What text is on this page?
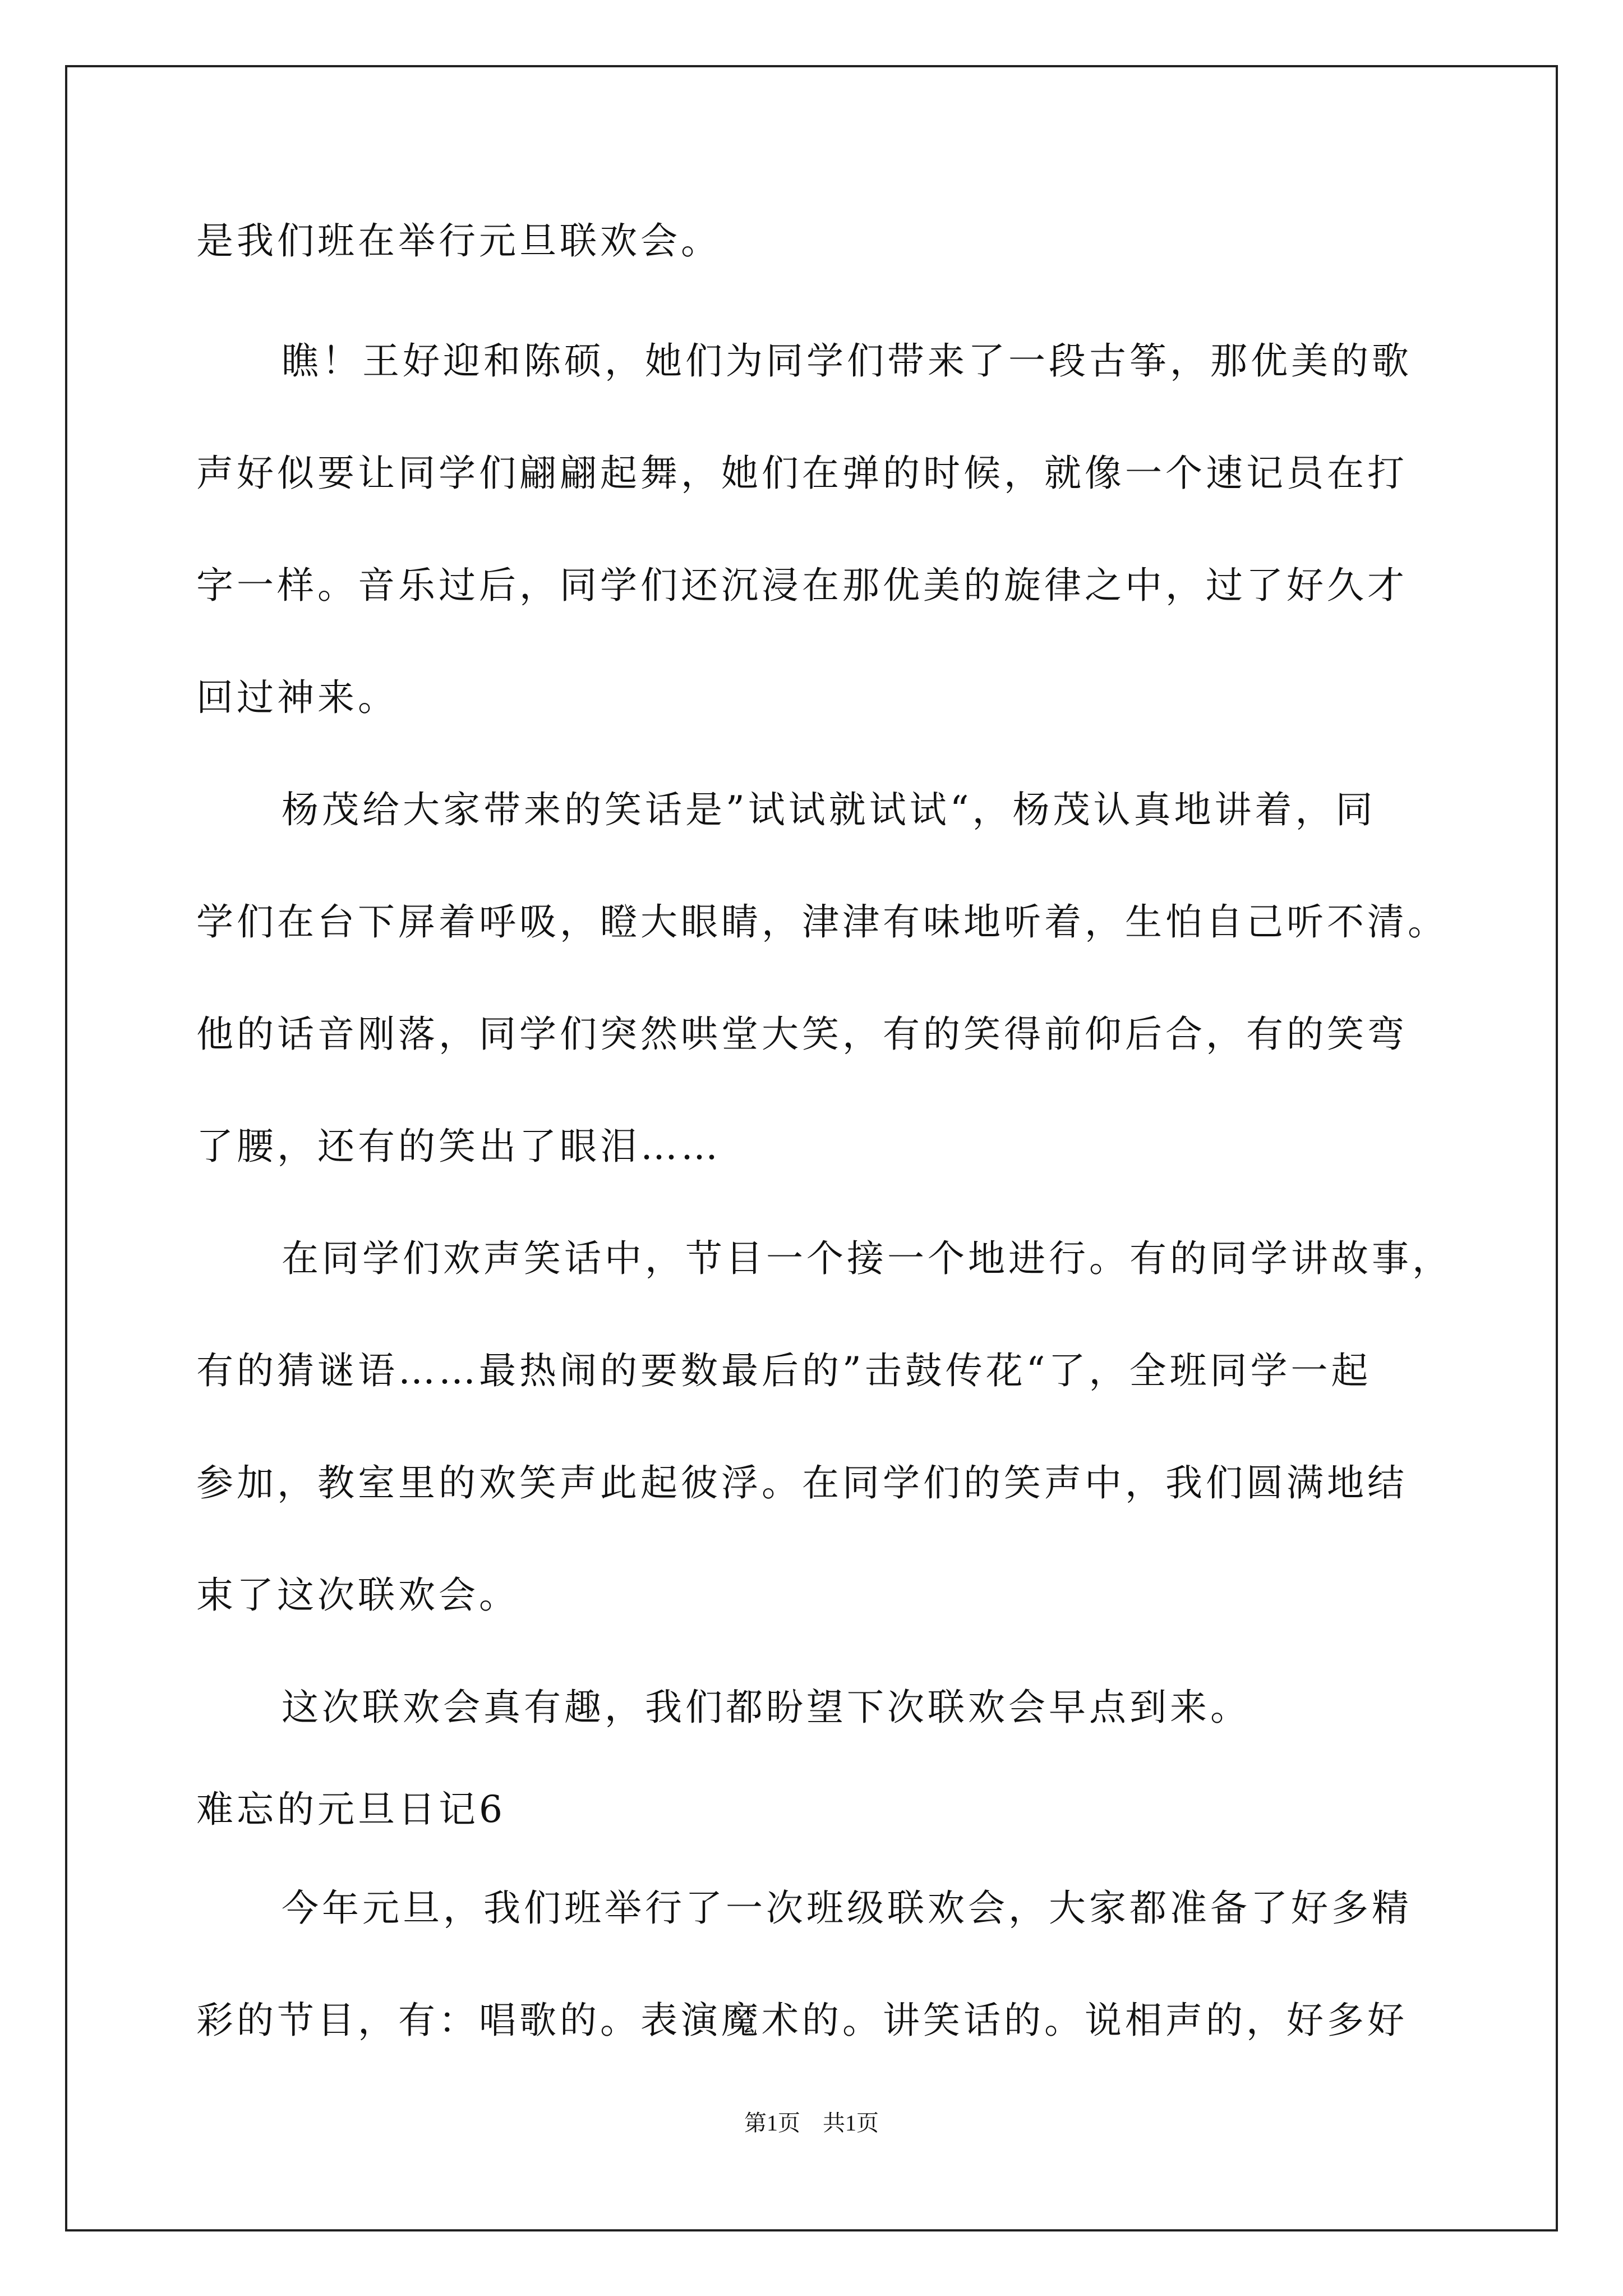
是我们班在举行元旦联欢会。
瞧！王好迎和陈硕，她们为同学们带来了一段古筝，那优美的歌
声好似要让同学们翩翩起舞，她们在弹的时候，就像一个速记员在打
字一样。音乐过后，同学们还沉浸在那优美的旋律之中，过了好久才
回过神来。
杨茂给大家带来的笑话是”试试就试试“，杨茂认真地讲着，同
学们在台下屏着呼吸，瞪大眼睛，津津有味地听着，生怕自己听不清。
他的话音刚落，同学们突然哄堂大笑，有的笑得前仰后合，有的笑弯
了腰，还有的笑出了眼泪……
在同学们欢声笑话中，节目一个接一个地进行。有的同学讲故事，
有的猜谜语……最热闹的要数最后的”击鼓传花“了，全班同学一起
参加，教室里的欢笑声此起彼浮。在同学们的笑声中，我们圆满地结
束了这次联欢会。
这次联欢会真有趣，我们都盼望下次联欢会早点到来。
难忘的元旦日记6
今年元旦，我们班举行了一次班级联欢会，大家都准备了好多精
彩的节目，有：唱歌的。表演魔术的。讲笑话的。说相声的，好多好
第1页　共1页
